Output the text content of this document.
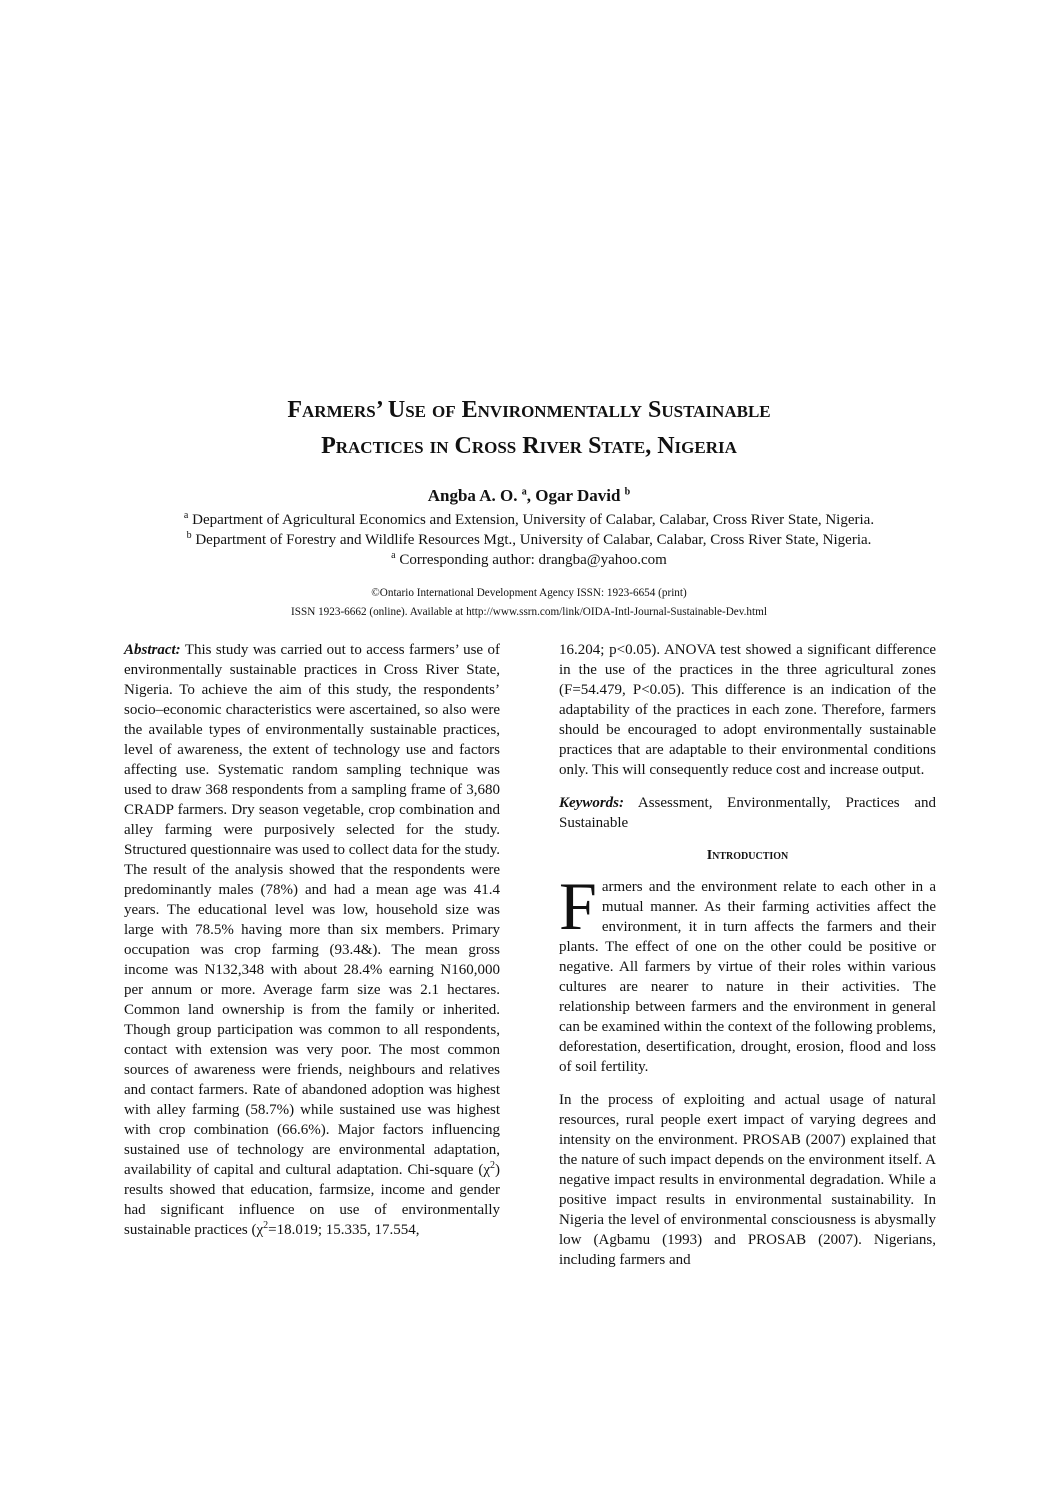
Farmers’ Use of Environmentally Sustainable
Practices in Cross River State, Nigeria

Angba A. O. $^a$, Ogar David $^b$

$^a$ Department of Agricultural Economics and Extension, University of Calabar, Calabar, Cross River State, Nigeria.

$^b$ Department of Forestry and Wildlife Resources Mgt., University of Calabar, Calabar, Cross River State, Nigeria.

$^a$ Corresponding author: drangba@yahoo.com

©Ontario International Development Agency ISSN: 1923-6654 (print)

ISSN 1923-6662 (online). Available at http://www.ssrn.com/link/OIDA-Intl-Journal-Sustainable-Dev.html

Abstract: This study was carried out to access farmers’ use of environmentally sustainable practices in Cross River State, Nigeria. To achieve the aim of this study, the respondents’ socio–economic characteristics were ascertained, so also were the available types of environmentally sustainable practices, level of awareness, the extent of technology use and factors affecting use. Systematic random sampling technique was used to draw 368 respondents from a sampling frame of 3,680 CRADP farmers. Dry season vegetable, crop combination and alley farming were purposively selected for the study. Structured questionnaire was used to collect data for the study. The result of the analysis showed that the respondents were predominantly males (78%) and had a mean age was 41.4 years. The educational level was low, household size was large with 78.5% having more than six members. Primary occupation was crop farming (93.4&). The mean gross income was N132,348 with about 28.4% earning N160,000 per annum or more. Average farm size was 2.1 hectares. Common land ownership is from the family or inherited. Though group participation was common to all respondents, contact with extension was very poor. The most common sources of awareness were friends, neighbours and relatives and contact farmers. Rate of abandoned adoption was highest with alley farming (58.7%) while sustained use was highest with crop combination (66.6%). Major factors influencing sustained use of technology are environmental adaptation, availability of capital and cultural adaptation. Chi-square $(\chi^2)$ results showed that education, farmsize, income and gender had significant influence on use of environmentally sustainable practices ($\chi^2=18.019$; 15.335, 17.554,

16.204; p<0.05). ANOVA test showed a significant difference in the use of the practices in the three agricultural zones (F=54.479, P<0.05). This difference is an indication of the adaptability of the practices in each zone. Therefore, farmers should be encouraged to adopt environmentally sustainable practices that are adaptable to their environmental conditions only. This will consequently reduce cost and increase output.

Keywords: Assessment, Environmentally, Practices and Sustainable

Introduction

Farmers and the environment relate to each other in a mutual manner. As their farming activities affect the environment, it in turn affects the farmers and their plants. The effect of one on the other could be positive or negative. All farmers by virtue of their roles within various cultures are nearer to nature in their activities. The relationship between farmers and the environment in general can be examined within the context of the following problems, deforestation, desertification, drought, erosion, flood and loss of soil fertility.

In the process of exploiting and actual usage of natural resources, rural people exert impact of varying degrees and intensity on the environment. PROSAB (2007) explained that the nature of such impact depends on the environment itself. A negative impact results in environmental degradation. While a positive impact results in environmental sustainability. In Nigeria the level of environmental consciousness is abysmally low (Agbamu (1993) and PROSAB (2007). Nigerians, including farmers and
